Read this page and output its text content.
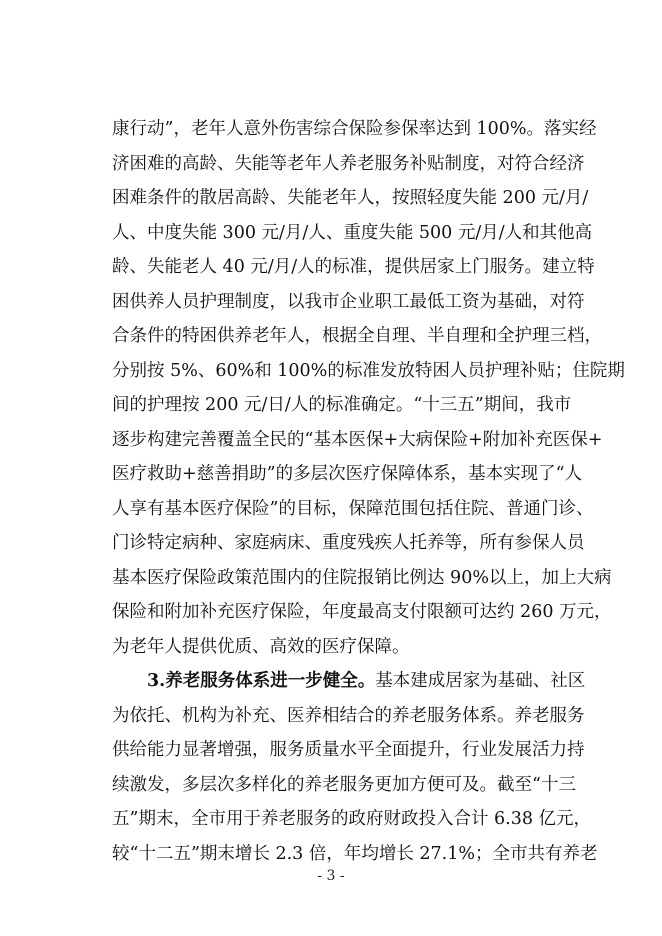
康行动”，老年人意外伤害综合保险参保率达到 100%。落实经
济困难的高龄、失能等老年人养老服务补贴制度，对符合经济
困难条件的散居高龄、失能老年人，按照轻度失能 200 元/月/
人、中度失能 300 元/月/人、重度失能 500 元/月/人和其他高
龄、失能老人 40 元/月/人的标准，提供居家上门服务。建立特
困供养人员护理制度，以我市企业职工最低工资为基础，对符
合条件的特困供养老年人，根据全自理、半自理和全护理三档，
分别按 5%、60%和 100%的标准发放特困人员护理补贴；住院期
间的护理按 200 元/日/人的标准确定。“十三五”期间，我市
逐步构建完善覆盖全民的“基本医保+大病保险+附加补充医保+
医疗救助+慈善捐助”的多层次医疗保障体系，基本实现了“人
人享有基本医疗保险”的目标，保障范围包括住院、普通门诊、
门诊特定病种、家庭病床、重度残疾人托养等，所有参保人员
基本医疗保险政策范围内的住院报销比例达 90%以上，加上大病
保险和附加补充医疗保险，年度最高支付限额可达约 260 万元，
为老年人提供优质、高效的医疗保障。
3.养老服务体系进一步健全。基本建成居家为基础、社区
为依托、机构为补充、医养相结合的养老服务体系。养老服务
供给能力显著增强，服务质量水平全面提升，行业发展活力持
续激发，多层次多样化的养老服务更加方便可及。截至“十三
五”期末，全市用于养老服务的政府财政投入合计 6.38 亿元，
较“十二五”期末增长 2.3 倍，年均增长 27.1%；全市共有养老
- 3 -
